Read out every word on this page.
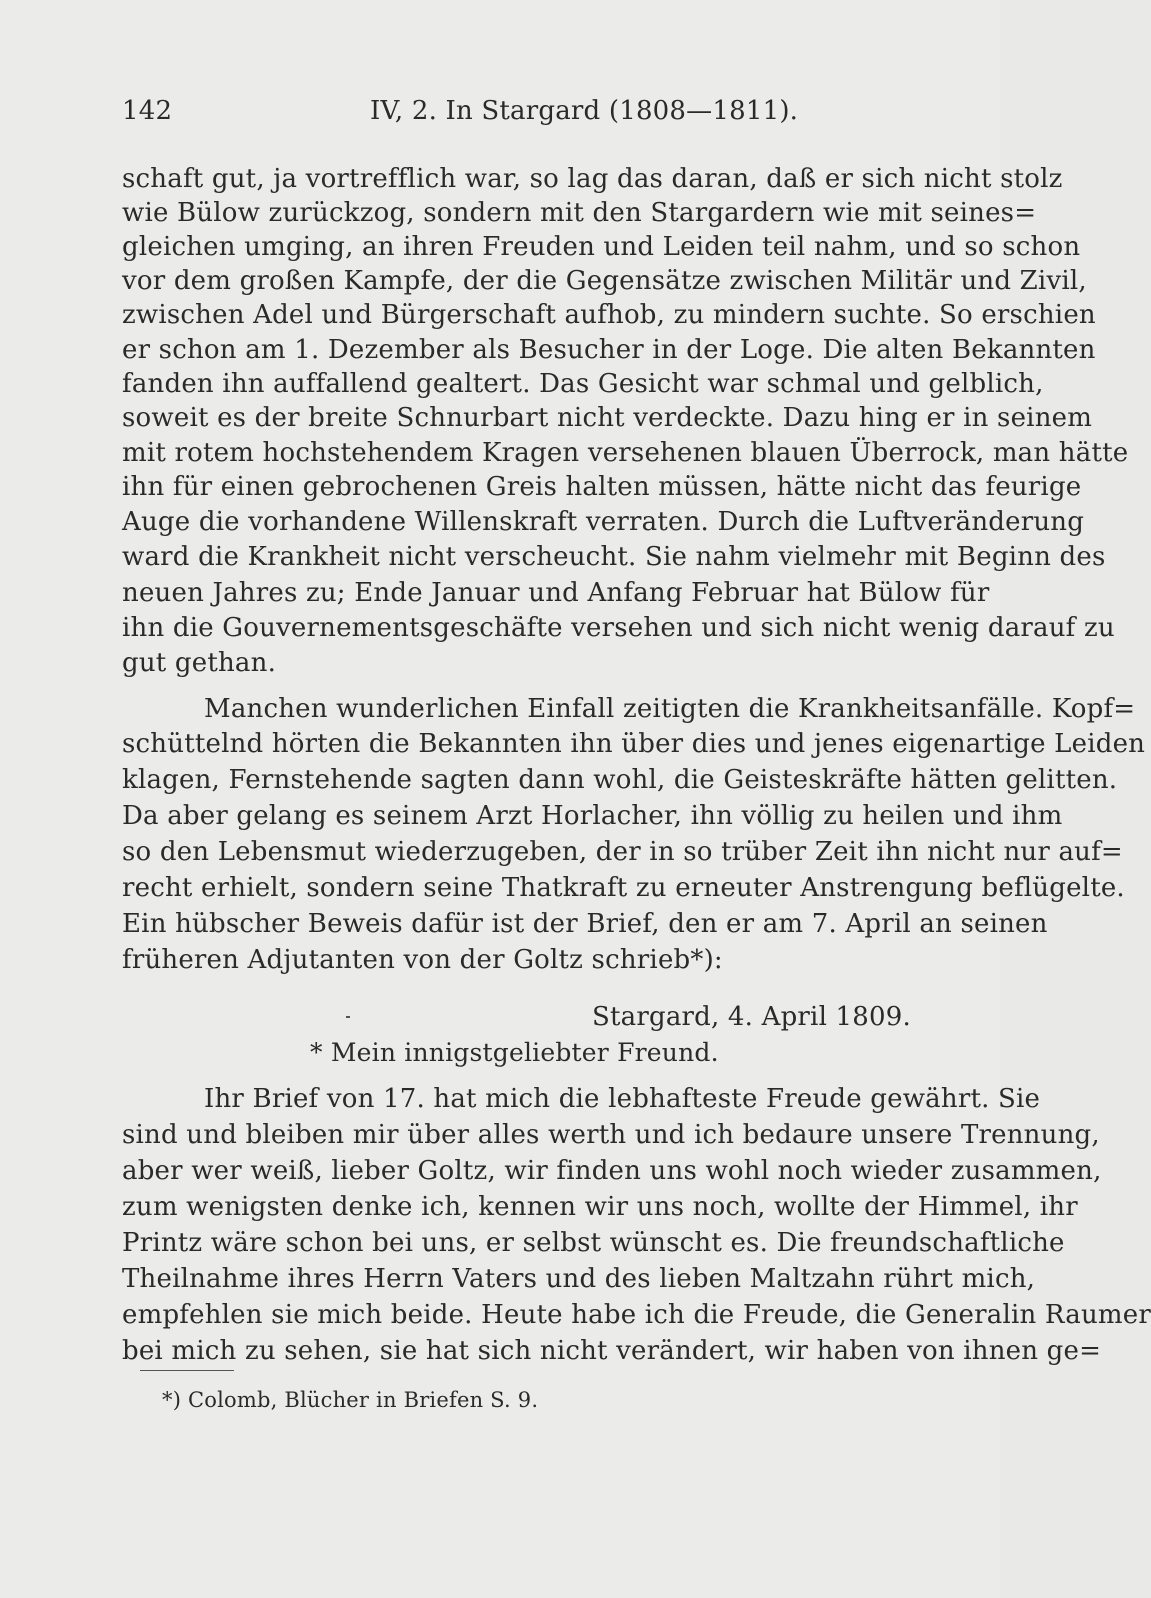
142	IV, 2. In Stargard (1808—1811).
schaft gut, ja vortrefflich war, so lag das daran, daß er sich nicht stolz
wie Bülow zurückzog, sondern mit den Stargardern wie mit seines=
gleichen umging, an ihren Freuden und Leiden teil nahm, und so schon
vor dem großen Kampfe, der die Gegensätze zwischen Militär und Zivil,
zwischen Adel und Bürgerschaft aufhob, zu mindern suchte. So erschien
er schon am 1. Dezember als Besucher in der Loge. Die alten Bekannten
fanden ihn auffallend gealtert. Das Gesicht war schmal und gelblich,
soweit es der breite Schnurbart nicht verdeckte. Dazu hing er in seinem
mit rotem hochstehendem Kragen versehenen blauen Überrock, man hätte
ihn für einen gebrochenen Greis halten müssen, hätte nicht das feurige
Auge die vorhandene Willenskraft verraten. Durch die Luftveränderung
ward die Krankheit nicht verscheucht. Sie nahm vielmehr mit Beginn des
neuen Jahres zu; Ende Januar und Anfang Februar hat Bülow für
ihn die Gouvernementsgeschäfte versehen und sich nicht wenig darauf zu
gut gethan.
Manchen wunderlichen Einfall zeitigten die Krankheitsanfälle. Kopf=
schüttelnd hörten die Bekannten ihn über dies und jenes eigenartige Leiden
klagen, Fernstehende sagten dann wohl, die Geisteskräfte hätten gelitten.
Da aber gelang es seinem Arzt Horlacher, ihn völlig zu heilen und ihm
so den Lebensmut wiederzugeben, der in so trüber Zeit ihn nicht nur auf=
recht erhielt, sondern seine Thatkraft zu erneuter Anstrengung beflügelte.
Ein hübscher Beweis dafür ist der Brief, den er am 7. April an seinen
früheren Adjutanten von der Goltz schrieb*):
Stargard, 4. April 1809.
* Mein innigstgeliebter Freund.
Ihr Brief von 17. hat mich die lebhafteste Freude gewährt. Sie
sind und bleiben mir über alles werth und ich bedaure unsere Trennung,
aber wer weiß, lieber Goltz, wir finden uns wohl noch wieder zusammen,
zum wenigsten denke ich, kennen wir uns noch, wollte der Himmel, ihr
Printz wäre schon bei uns, er selbst wünscht es. Die freundschaftliche
Theilnahme ihres Herrn Vaters und des lieben Maltzahn rührt mich,
empfehlen sie mich beide. Heute habe ich die Freude, die Generalin Raumer
bei mich zu sehen, sie hat sich nicht verändert, wir haben von ihnen ge=
*) Colomb, Blücher in Briefen S. 9.
